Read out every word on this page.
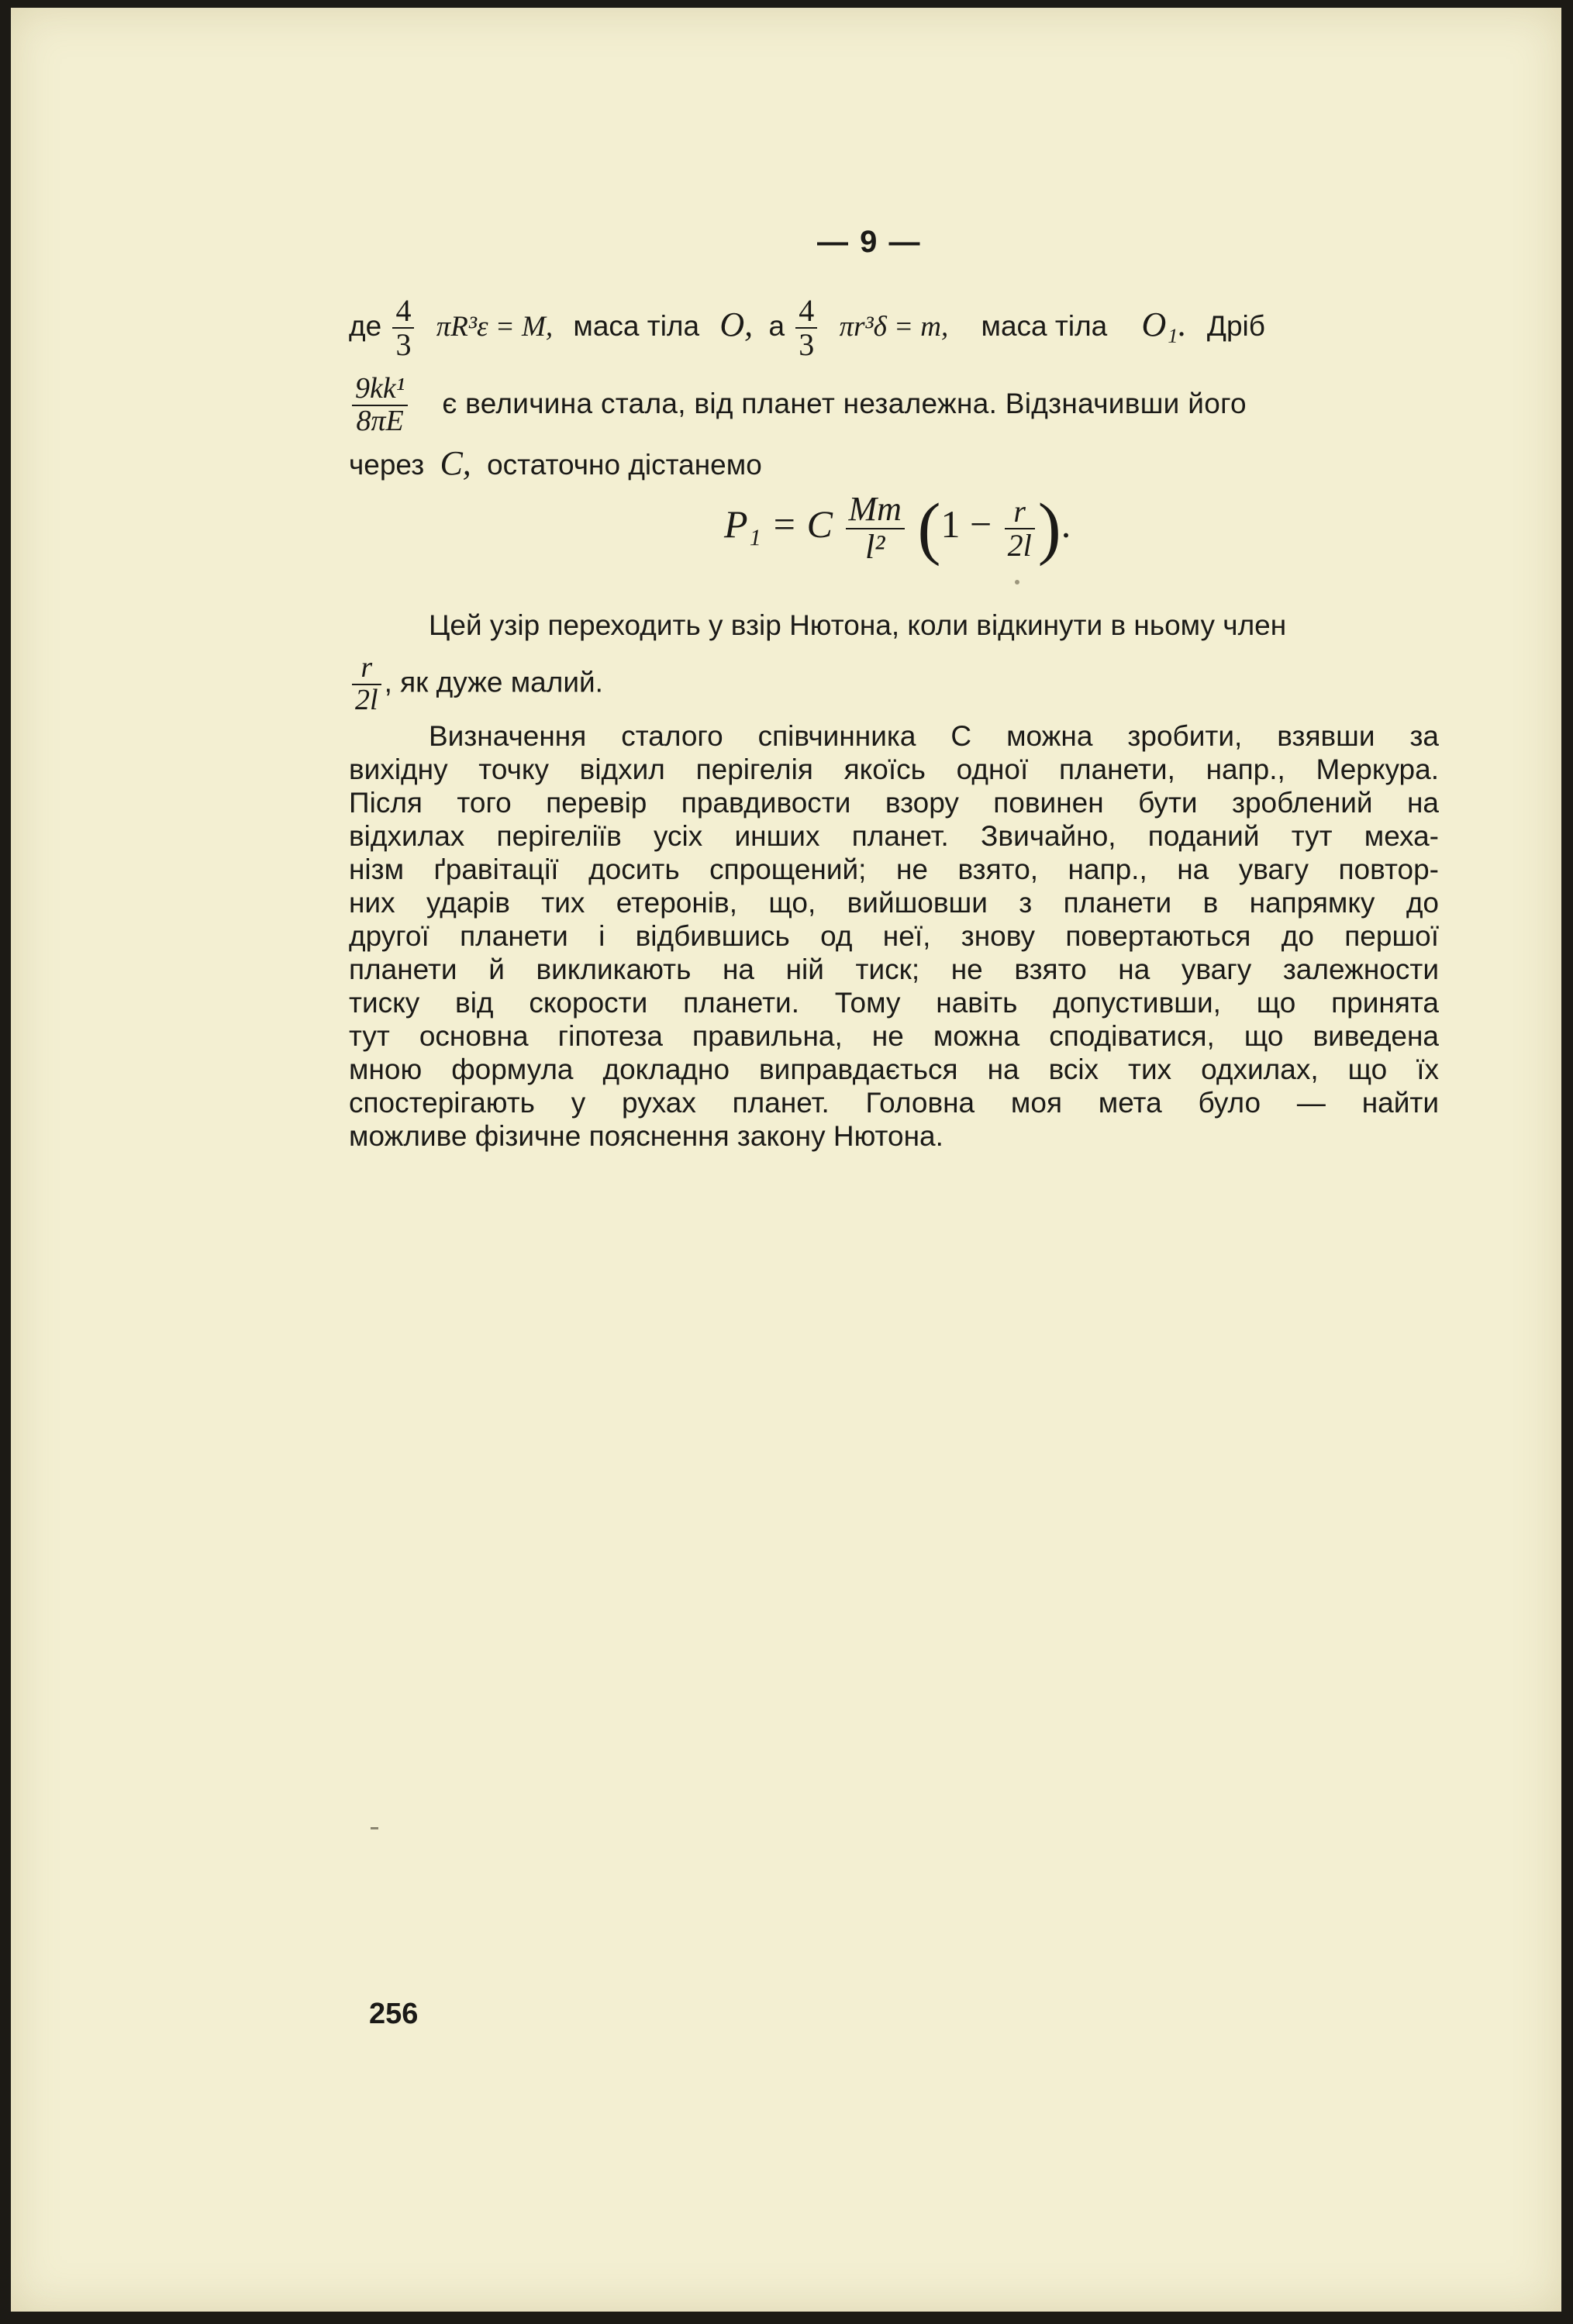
— 9 —
де $\frac{4}{3} \pi R^3\varepsilon = M$, маса тіла O, а $\frac{4}{3} \pi r^3\delta = m$, маса тіла O₁. Дріб
$\frac{\text{9kk¹}}{8\pi E}$ є величина стала, від планет незалежна. Відзначивши його
через C, остаточно дістанемо
P₁ = C $\frac{Mm}{\text{l²}} (1 - \frac{r}{2l}$ ).
Цей узір переходить у взір Нютона, коли відкинути в ньому член
$\frac{r}{2l}$ , як дуже малий.
Визначення сталого співчинника C можна зробити, взявши за
вихідну точку відхил перігелія якоїсь одної планети, напр., Меркура.
Після того перевір правдивости взору повинен бути зроблений на
відхилах перігеліїв усіх инших планет. Звичайно, поданий тут меха-
нізм ґравітації досить спрощений; не взято, напр., на увагу повтор-
них ударів тих етеронів, що, вийшовши з планети в напрямку до
другої планети і відбившись од неї, знову повертаються до першої
планети й викликають на ній тиск; не взято на увагу залежности
тиску від скорости планети. Тому навіть допустивши, що принята
тут основна гіпотеза правильна, не можна сподіватися, що виведена
мною формула докладно виправдається на всіх тих одхилах, що їх
спостерігають у рухах планет. Головна моя мета було — найти
можливе фізичне пояснення закону Нютона.
256
